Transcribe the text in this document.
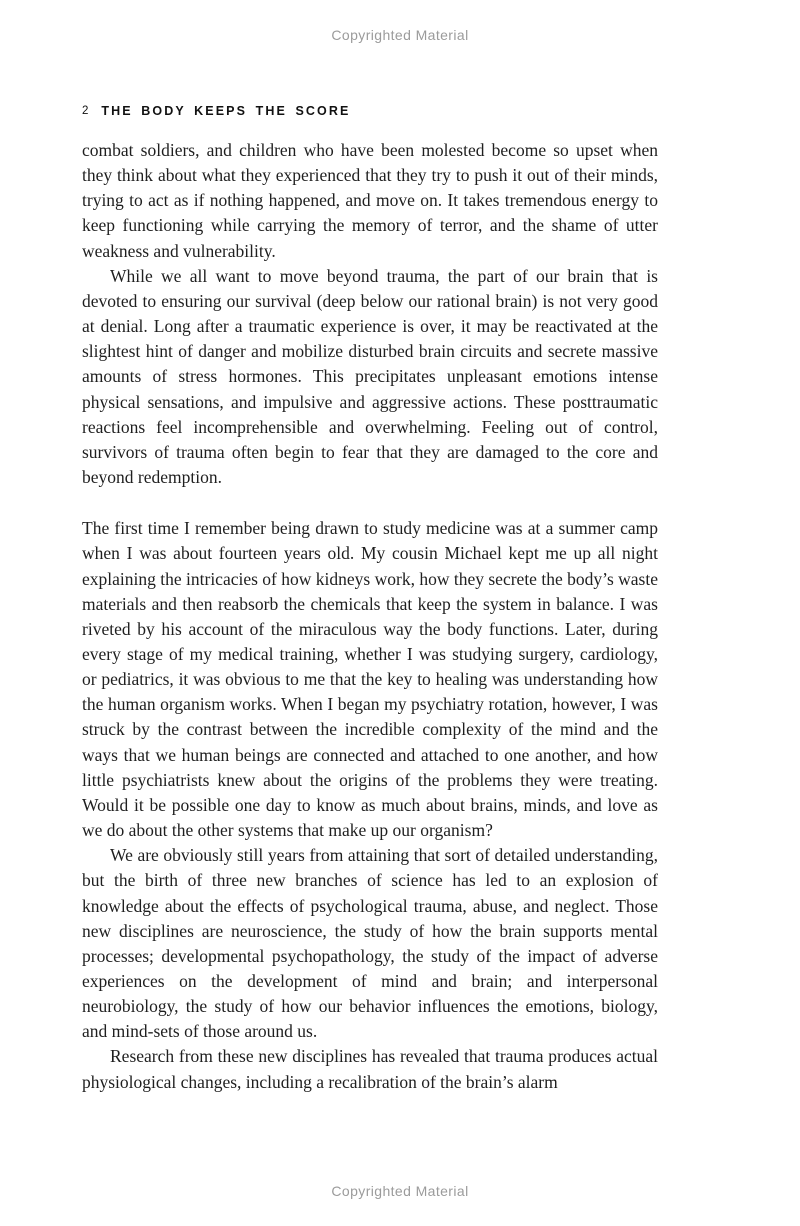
Copyrighted Material
2 THE BODY KEEPS THE SCORE

combat soldiers, and children who have been molested become so upset when they think about what they experienced that they try to push it out of their minds, trying to act as if nothing happened, and move on. It takes tremendous energy to keep functioning while carrying the memory of terror, and the shame of utter weakness and vulnerability.

While we all want to move beyond trauma, the part of our brain that is devoted to ensuring our survival (deep below our rational brain) is not very good at denial. Long after a traumatic experience is over, it may be reactivated at the slightest hint of danger and mobilize disturbed brain circuits and secrete massive amounts of stress hormones. This precipitates unpleasant emotions intense physical sensations, and impulsive and aggressive actions. These posttraumatic reactions feel incomprehensible and overwhelming. Feeling out of control, survivors of trauma often begin to fear that they are damaged to the core and beyond redemption.

The first time I remember being drawn to study medicine was at a summer camp when I was about fourteen years old. My cousin Michael kept me up all night explaining the intricacies of how kidneys work, how they secrete the body’s waste materials and then reabsorb the chemicals that keep the system in balance. I was riveted by his account of the miraculous way the body functions. Later, during every stage of my medical training, whether I was studying surgery, cardiology, or pediatrics, it was obvious to me that the key to healing was understanding how the human organism works. When I began my psychiatry rotation, however, I was struck by the contrast between the incredible complexity of the mind and the ways that we human beings are connected and attached to one another, and how little psychiatrists knew about the origins of the problems they were treating. Would it be possible one day to know as much about brains, minds, and love as we do about the other systems that make up our organism?

We are obviously still years from attaining that sort of detailed understanding, but the birth of three new branches of science has led to an explosion of knowledge about the effects of psychological trauma, abuse, and neglect. Those new disciplines are neuroscience, the study of how the brain supports mental processes; developmental psychopathology, the study of the impact of adverse experiences on the development of mind and brain; and interpersonal neurobiology, the study of how our behavior influences the emotions, biology, and mind-sets of those around us.

Research from these new disciplines has revealed that trauma produces actual physiological changes, including a recalibration of the brain’s alarm

Copyrighted Material
